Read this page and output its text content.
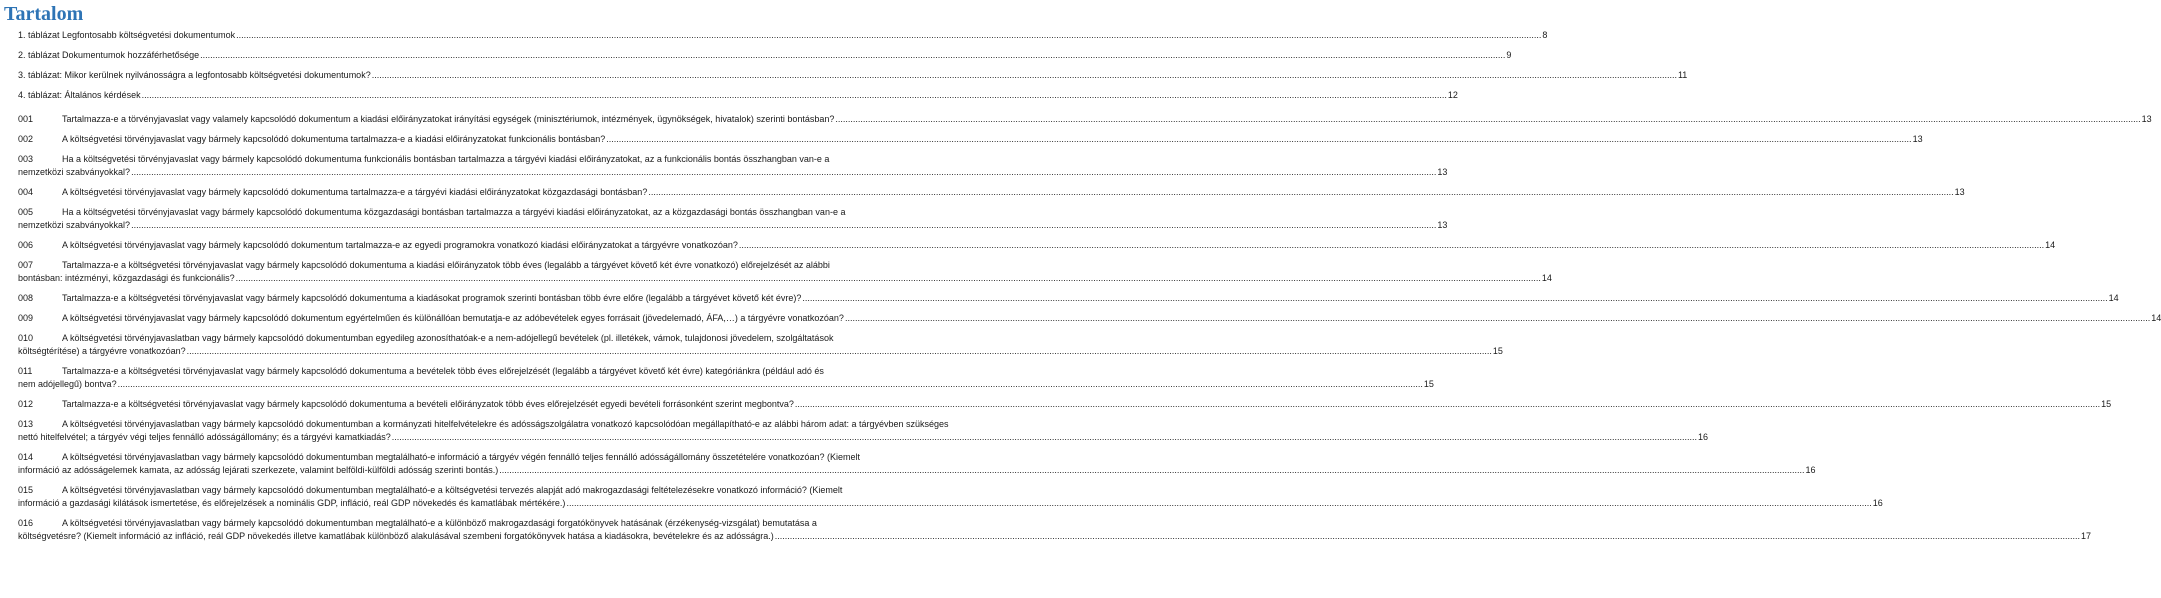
Tartalom
1. táblázat Legfontosabb költségvetési dokumentumok .....	8
2. táblázat Dokumentumok hozzáférhetősége .....	9
3. táblázat: Mikor kerülnek nyilvánosságra a legfontosabb költségvetési dokumentumok? .....	11
4. táblázat: Általános kérdések .....	12
001	Tartalmazza-e a törvényjavaslat vagy valamely kapcsolódó dokumentum a kiadási előirányzatokat irányítási egységek (minisztériumok, intézmények, ügynökségek, hivatalok) szerinti bontásban? .....	13
002	A költségvetési törvényjavaslat vagy bármely kapcsolódó dokumentuma tartalmazza-e a kiadási előirányzatokat funkcionális bontásban? .....	13
003	Ha a költségvetési törvényjavaslat vagy bármely kapcsolódó dokumentuma funkcionális bontásban tartalmazza a tárgyévi kiadási előirányzatokat, az a funkcionális bontás összhangban van-e a
nemzetközi szabványokkal? .....	13
004	A költségvetési törvényjavaslat vagy bármely kapcsolódó dokumentuma tartalmazza-e a tárgyévi kiadási előirányzatokat közgazdasági bontásban? .....	13
005	Ha a költségvetési törvényjavaslat vagy bármely kapcsolódó dokumentuma közgazdasági bontásban tartalmazza a tárgyévi kiadási előirányzatokat, az a közgazdasági bontás összhangban van-e a
nemzetközi szabványokkal? .....	13
006	A költségvetési törvényjavaslat vagy bármely kapcsolódó dokumentum tartalmazza-e az egyedi programokra vonatkozó kiadási előirányzatokat a tárgyévre vonatkozóan? .....	14
007	Tartalmazza-e a költségvetési törvényjavaslat vagy bármely kapcsolódó dokumentuma a kiadási előirányzatok több éves (legalább a tárgyévet követő két évre vonatkozó) előrejelzését az alábbi
bontásban: intézményi, közgazdasági és funkcionális? .....	14
008	Tartalmazza-e a költségvetési törvényjavaslat vagy bármely kapcsolódó dokumentuma a kiadásokat programok szerinti bontásban több évre előre (legalább a tárgyévet követő két évre)? .....	14
009	A költségvetési törvényjavaslat vagy bármely kapcsolódó dokumentum egyértelműen és különállóan bemutatja-e az adóbevételek egyes forrásait (jövedelemadó, ÁFA,…) a tárgyévre vonatkozóan? .....	14
010	A költségvetési törvényjavaslatban vagy bármely kapcsolódó dokumentumban egyedileg azonosíthatóak-e a nem-adójellegű bevételek (pl. illetékek, vámok, tulajdonosi jövedelem, szolgáltatások
költségtérítése) a tárgyévre vonatkozóan? .....	15
011	Tartalmazza-e a költségvetési törvényjavaslat vagy bármely kapcsolódó dokumentuma a bevételek több éves előrejelzését (legalább a tárgyévet követő két évre) kategóriánkra (például adó és
nem adójellegű) bontva? .....	15
012	Tartalmazza-e a költségvetési törvényjavaslat vagy bármely kapcsolódó dokumentuma a bevételi előirányzatok több éves előrejelzését egyedi bevételi forrásonként szerint megbontva? .....	15
013	A költségvetési törvényjavaslatban vagy bármely kapcsolódó dokumentumban a kormányzati hitelfelvételekre és adósságszolgálatra vonatkozó kapcsolódóan megállapítható-e az alábbi három adat: a tárgyévben szükséges
nettó hitelfelvétel; a tárgyév végi teljes fennálló adósságállomány; és a tárgyévi kamatkiadás? .....	16
014	A költségvetési törvényjavaslatban vagy bármely kapcsolódó dokumentumban megtalálható-e információ a tárgyév végén fennálló teljes fennálló adósságállomány összetételére vonatkozóan? (Kiemelt
információ az adósságelemek kamata, az adósság lejárati szerkezete, valamint belföldi-külföldi adósság szerinti bontás.) .....	16
015	A költségvetési törvényjavaslatban vagy bármely kapcsolódó dokumentumban megtalálható-e a költségvetési tervezés alapját adó makrogazdasági feltételezésekre vonatkozó információ? (Kiemelt
információ a gazdasági kilátások ismertetése, és előrejelzések a nominális GDP, infláció, reál GDP növekedés és kamatlábak mértékére.) .....	16
016	A költségvetési törvényjavaslatban vagy bármely kapcsolódó dokumentumban megtalálható-e a különböző makrogazdasági forgatókönyvek hatásának (érzékenység-vizsgálat) bemutatása a
költségvetésre? (Kiemelt információ az infláció, reál GDP növekedés illetve kamatlábak különböző alakulásával szembeni forgatókönyvek hatása a kiadásokra, bevételekre és az adósságra.) .....	17
